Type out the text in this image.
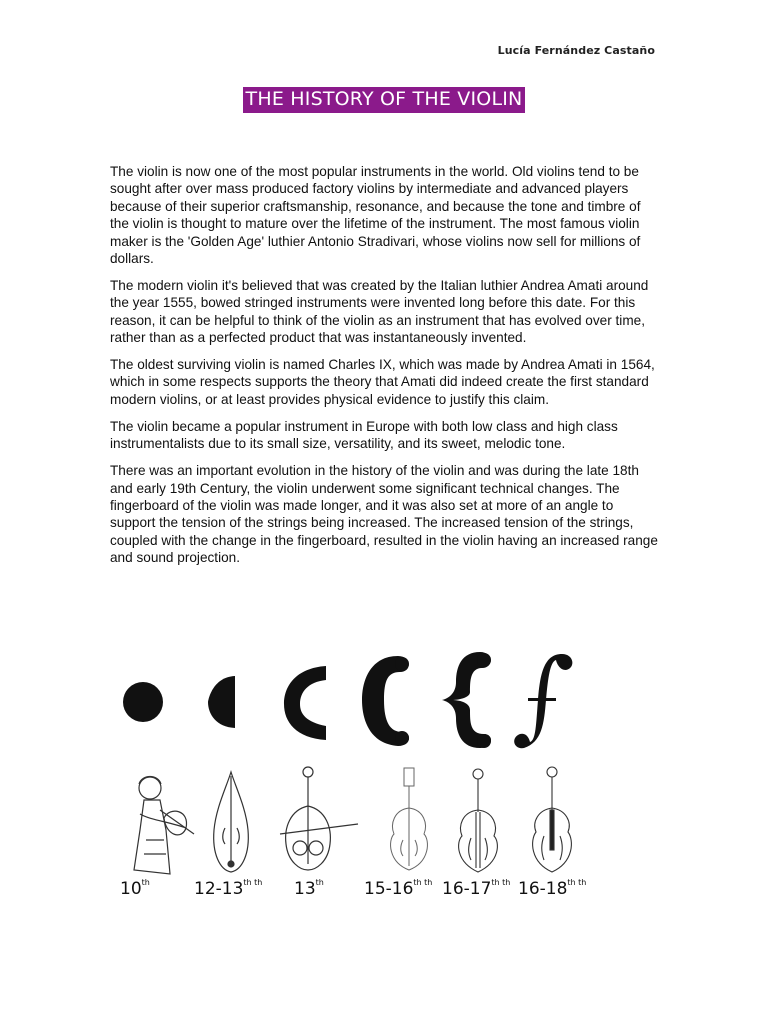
Lucía Fernández Castaño
THE HISTORY OF THE VIOLIN

The violin is now one of the most popular instruments in the world. Old violins tend to be sought after over mass produced factory violins by intermediate and advanced players because of their superior craftsmanship, resonance, and because the tone and timbre of the violin is thought to mature over the lifetime of the instrument. The most famous violin maker is the 'Golden Age' luthier Antonio Stradivari, whose violins now sell for millions of dollars.

The modern violin it's believed that was created by the Italian luthier Andrea Amati around the year 1555, bowed stringed instruments were invented long before this date. For this reason, it can be helpful to think of the violin as an instrument that has evolved over time, rather than as a perfected product that was instantaneously invented.

The oldest surviving violin is named Charles IX, which was made by Andrea Amati in 1564, which in some respects supports the theory that Amati did indeed create the first standard modern violins, or at least provides physical evidence to justify this claim.

The violin became a popular instrument in Europe with both low class and high class instrumentalists due to its small size, versatility, and its sweet, melodic tone.

There was an important evolution in the history of the violin and was during the late 18th and early 19th Century, the violin underwent some significant technical changes. The fingerboard of the violin was made longer, and it was also set at more of an angle to support the tension of the strings being increased. The increased tension of the strings, coupled with the change in the fingerboard, resulted in the violin having an increased range and sound projection.

10th	$12-13^{th th}$ 13th $15-16^{th th}$ $16-17^{th th}$ $16-18^{th th}$
